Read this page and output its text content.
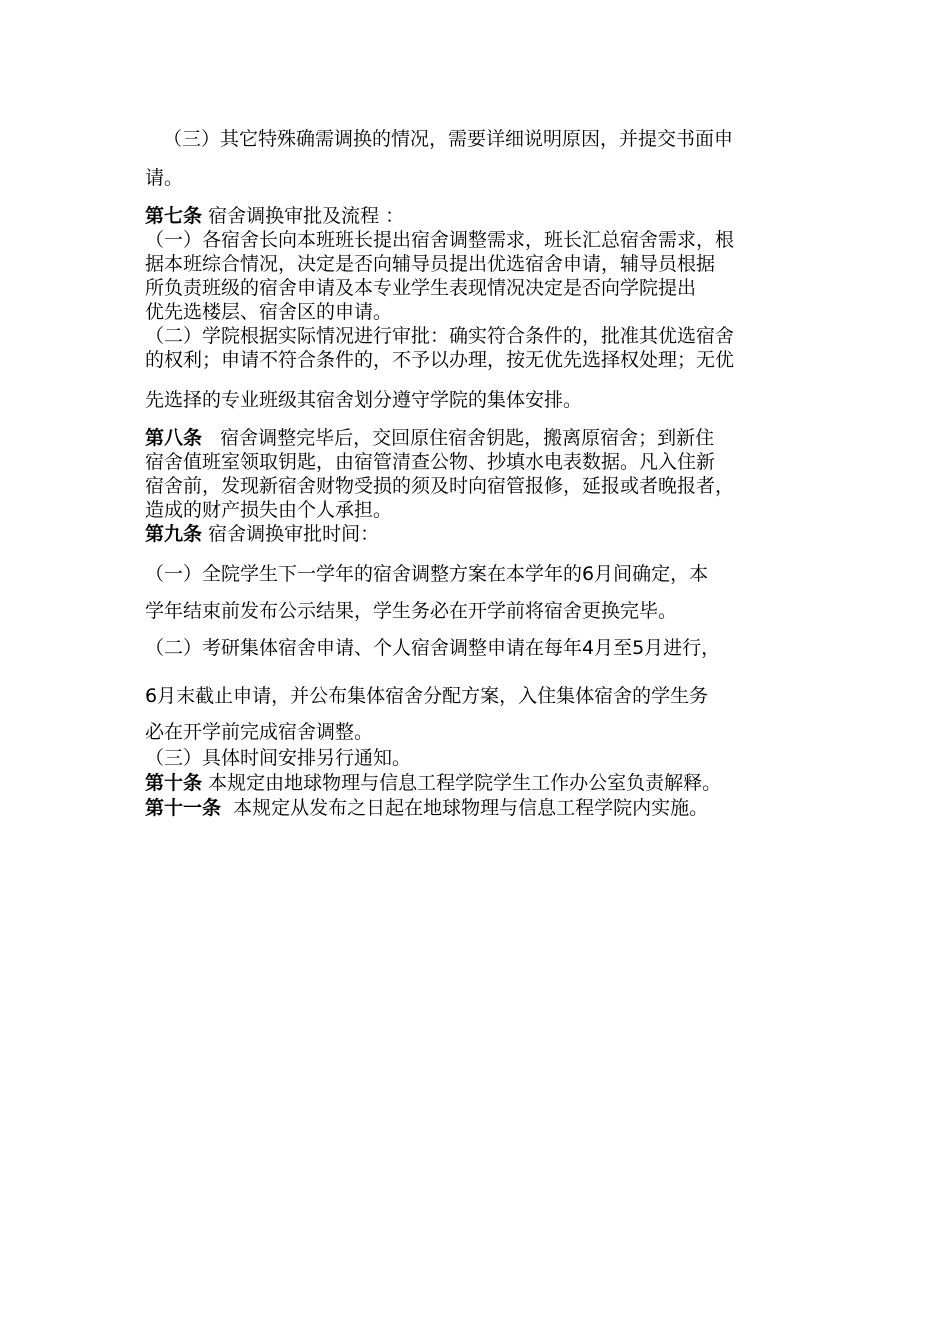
（三）其它特殊确需调换的情况，需要详细说明原因，并提交书面申
请。
第七条 宿舍调换审批及流程 ：
（一）各宿舍长向本班班长提出宿舍调整需求，班长汇总宿舍需求，根
据本班综合情况，决定是否向辅导员提出优选宿舍申请，辅导员根据
所负责班级的宿舍申请及本专业学生表现情况决定是否向学院提出
优先选楼层、宿舍区的申请。
（二）学院根据实际情况进行审批：确实符合条件的，批准其优选宿舍
的权利；申请不符合条件的，不予以办理，按无优先选择权处理；无优
先选择的专业班级其宿舍划分遵守学院的集体安排。
第八条 宿舍调整完毕后，交回原住宿舍钥匙，搬离原宿舍；到新住
宿舍值班室领取钥匙，由宿管清查公物、抄填水电表数据。凡入住新
宿舍前，发现新宿舍财物受损的须及时向宿管报修，延报或者晚报者，
造成的财产损失由个人承担。
第九条 宿舍调换审批时间：
（一）全院学生下一学年的宿舍调整方案在本学年的6月间确定，本
学年结束前发布公示结果，学生务必在开学前将宿舍更换完毕。
（二）考研集体宿舍申请、个人宿舍调整申请在每年4月至5月进行，
6月末截止申请，并公布集体宿舍分配方案，入住集体宿舍的学生务
必在开学前完成宿舍调整。
（三）具体时间安排另行通知。
第十条 本规定由地球物理与信息工程学院学生工作办公室负责解释。
第十一条 本规定从发布之日起在地球物理与信息工程学院内实施。
